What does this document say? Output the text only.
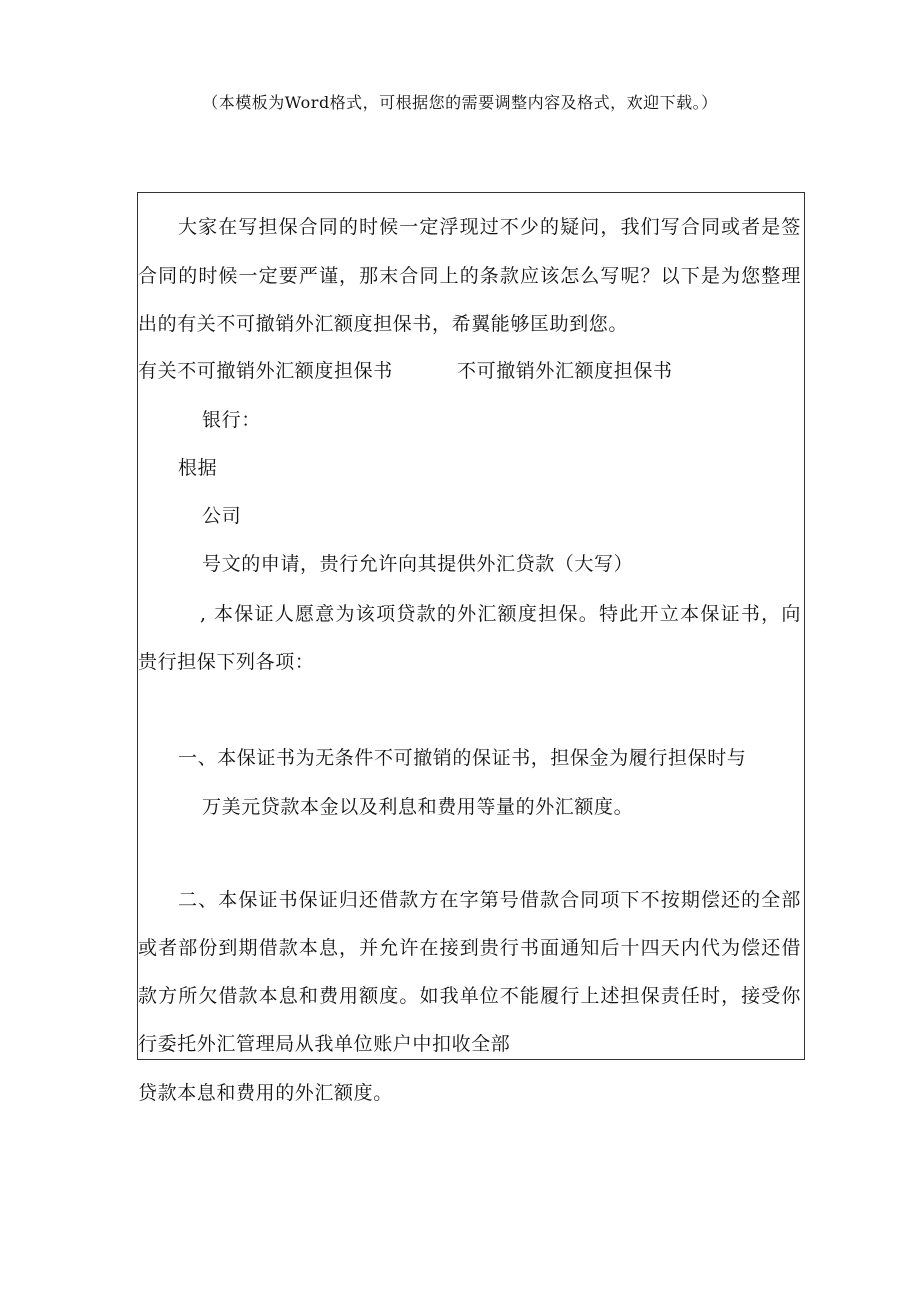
（本模板为Word格式，可根据您的需要调整内容及格式，欢迎下载。）
大家在写担保合同的时候一定浮现过不少的疑问，我们写合同或者是签
合同的时候一定要严谨，那末合同上的条款应该怎么写呢？以下是为您整理
出的有关不可撤销外汇额度担保书，希翼能够匡助到您。
有关不可撤销外汇额度担保书	不可撤销外汇额度担保书
银行：
根据
公司
号文的申请，贵行允许向其提供外汇贷款（大写）
, 本保证人愿意为该项贷款的外汇额度担保。特此开立本保证书，向
贵行担保下列各项：
一、本保证书为无条件不可撤销的保证书，担保金为履行担保时与
万美元贷款本金以及利息和费用等量的外汇额度。
二、本保证书保证归还借款方在字第号借款合同项下不按期偿还的全部
或者部份到期借款本息，并允许在接到贵行书面通知后十四天内代为偿还借
款方所欠借款本息和费用额度。如我单位不能履行上述担保责任时，接受你
行委托外汇管理局从我单位账户中扣收全部
贷款本息和费用的外汇额度。
